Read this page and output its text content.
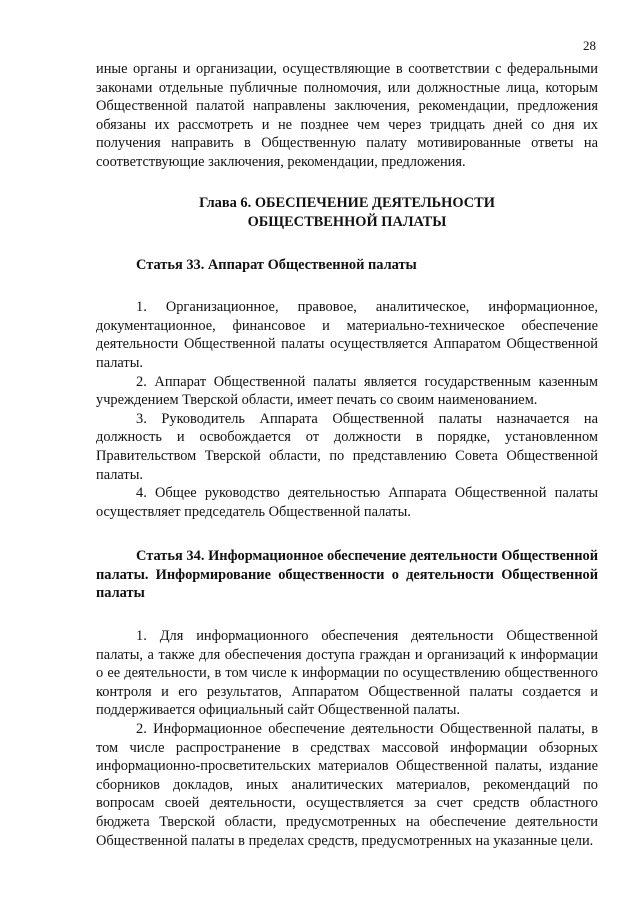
28

иные органы и организации, осуществляющие в соответствии с федеральными законами отдельные публичные полномочия, или должностные лица, которым Общественной палатой направлены заключения, рекомендации, предложения обязаны их рассмотреть и не позднее чем через тридцать дней со дня их получения направить в Общественную палату мотивированные ответы на соответствующие заключения, рекомендации, предложения.

Глава 6. ОБЕСПЕЧЕНИЕ ДЕЯТЕЛЬНОСТИ
ОБЩЕСТВЕННОЙ ПАЛАТЫ

Статья 33. Аппарат Общественной палаты

1. Организационное, правовое, аналитическое, информационное, документационное, финансовое и материально-техническое обеспечение деятельности Общественной палаты осуществляется Аппаратом Общественной палаты.

2. Аппарат Общественной палаты является государственным казенным учреждением Тверской области, имеет печать со своим наименованием.

3. Руководитель Аппарата Общественной палаты назначается на должность и освобождается от должности в порядке, установленном Правительством Тверской области, по представлению Совета Общественной палаты.

4. Общее руководство деятельностью Аппарата Общественной палаты осуществляет председатель Общественной палаты.

Статья 34. Информационное обеспечение деятельности Общественной палаты. Информирование общественности о деятельности Общественной палаты

1. Для информационного обеспечения деятельности Общественной палаты, а также для обеспечения доступа граждан и организаций к информации о ее деятельности, в том числе к информации по осуществлению общественного контроля и его результатов, Аппаратом Общественной палаты создается и поддерживается официальный сайт Общественной палаты.

2. Информационное обеспечение деятельности Общественной палаты, в том числе распространение в средствах массовой информации обзорных информационно-просветительских материалов Общественной палаты, издание сборников докладов, иных аналитических материалов, рекомендаций по вопросам своей деятельности, осуществляется за счет средств областного бюджета Тверской области, предусмотренных на обеспечение деятельности Общественной палаты в пределах средств, предусмотренных на указанные цели.
